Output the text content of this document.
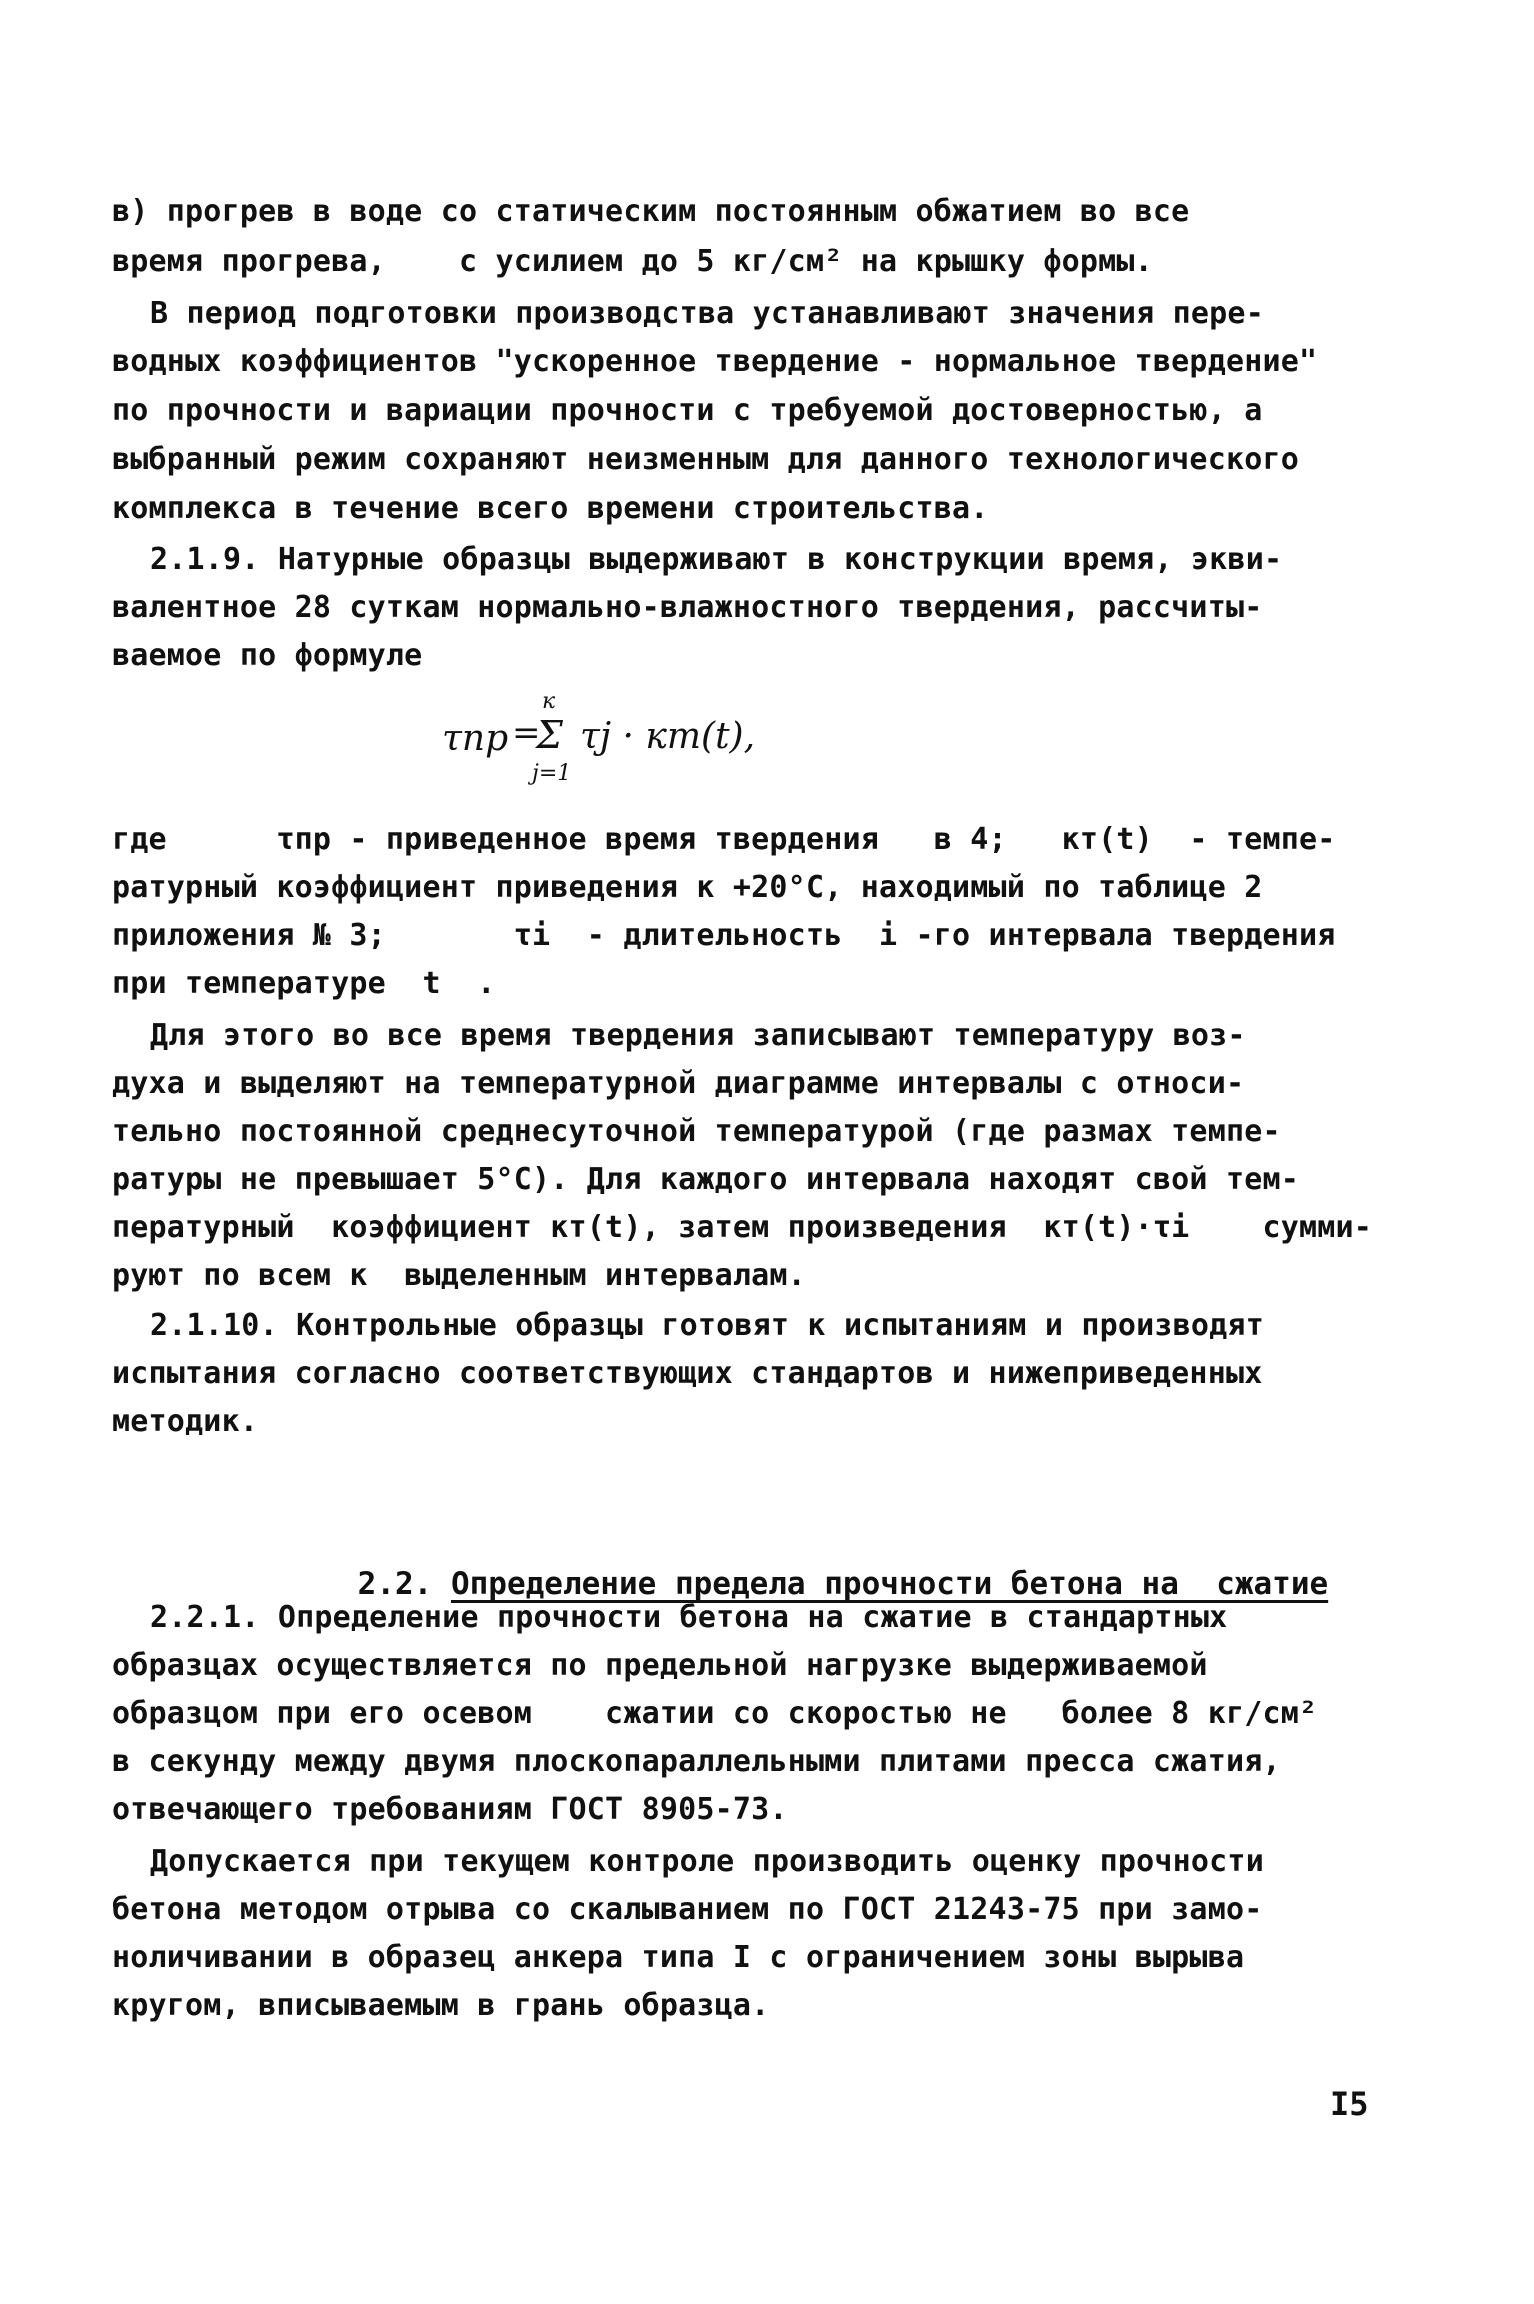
в) прогрев в воде со статическим постоянным обжатием во все
время прогрева,    с усилием до 5 кг/см² на крышку формы.
В период подготовки производства устанавливают значения пере-
водных коэффициентов "ускоренное твердение - нормальное твердение"
по прочности и вариации прочности с требуемой достоверностью, а
выбранный режим сохраняют неизменным для данного технологического
комплекса в течение всего времени строительства.
2.1.9. Натурные образцы выдерживают в конструкции время, экви-
валентное 28 суткам нормально-влажностного твердения, рассчиты-
ваемое по формуле
τпр =
к
Σ
j=1
τj · кт(t),
где      τпр - приведенное время твердения   в 4;   кт(t)  - темпе-
ратурный коэффициент приведения к +20°С, находимый по таблице 2
приложения № 3;       τi  - длительность  i -го интервала твердения
при температуре  t  .
Для этого во все время твердения записывают температуру воз-
духа и выделяют на температурной диаграмме интервалы с относи-
тельно постоянной среднесуточной температурой (где размах темпе-
ратуры не превышает 5°С). Для каждого интервала находят свой тем-
пературный  коэффициент кт(t), затем произведения  кт(t)·τi    сумми-
руют по всем к  выделенным интервалам.
2.1.10. Контрольные образцы готовят к испытаниям и производят
испытания согласно соответствующих стандартов и нижеприведенных
методик.

2.2. Определение предела прочности бетона на  сжатие

2.2.1. Определение прочности бетона на сжатие в стандартных
образцах осуществляется по предельной нагрузке выдерживаемой
образцом при его осевом    сжатии со скоростью не   более 8 кг/см²
в секунду между двумя плоскопараллельными плитами пресса сжатия,
отвечающего требованиям ГОСТ 8905-73.
Допускается при текущем контроле производить оценку прочности
бетона методом отрыва со скалыванием по ГОСТ 21243-75 при замо-
ноличивании в образец анкера типа I с ограничением зоны вырыва
кругом, вписываемым в грань образца.
I5
